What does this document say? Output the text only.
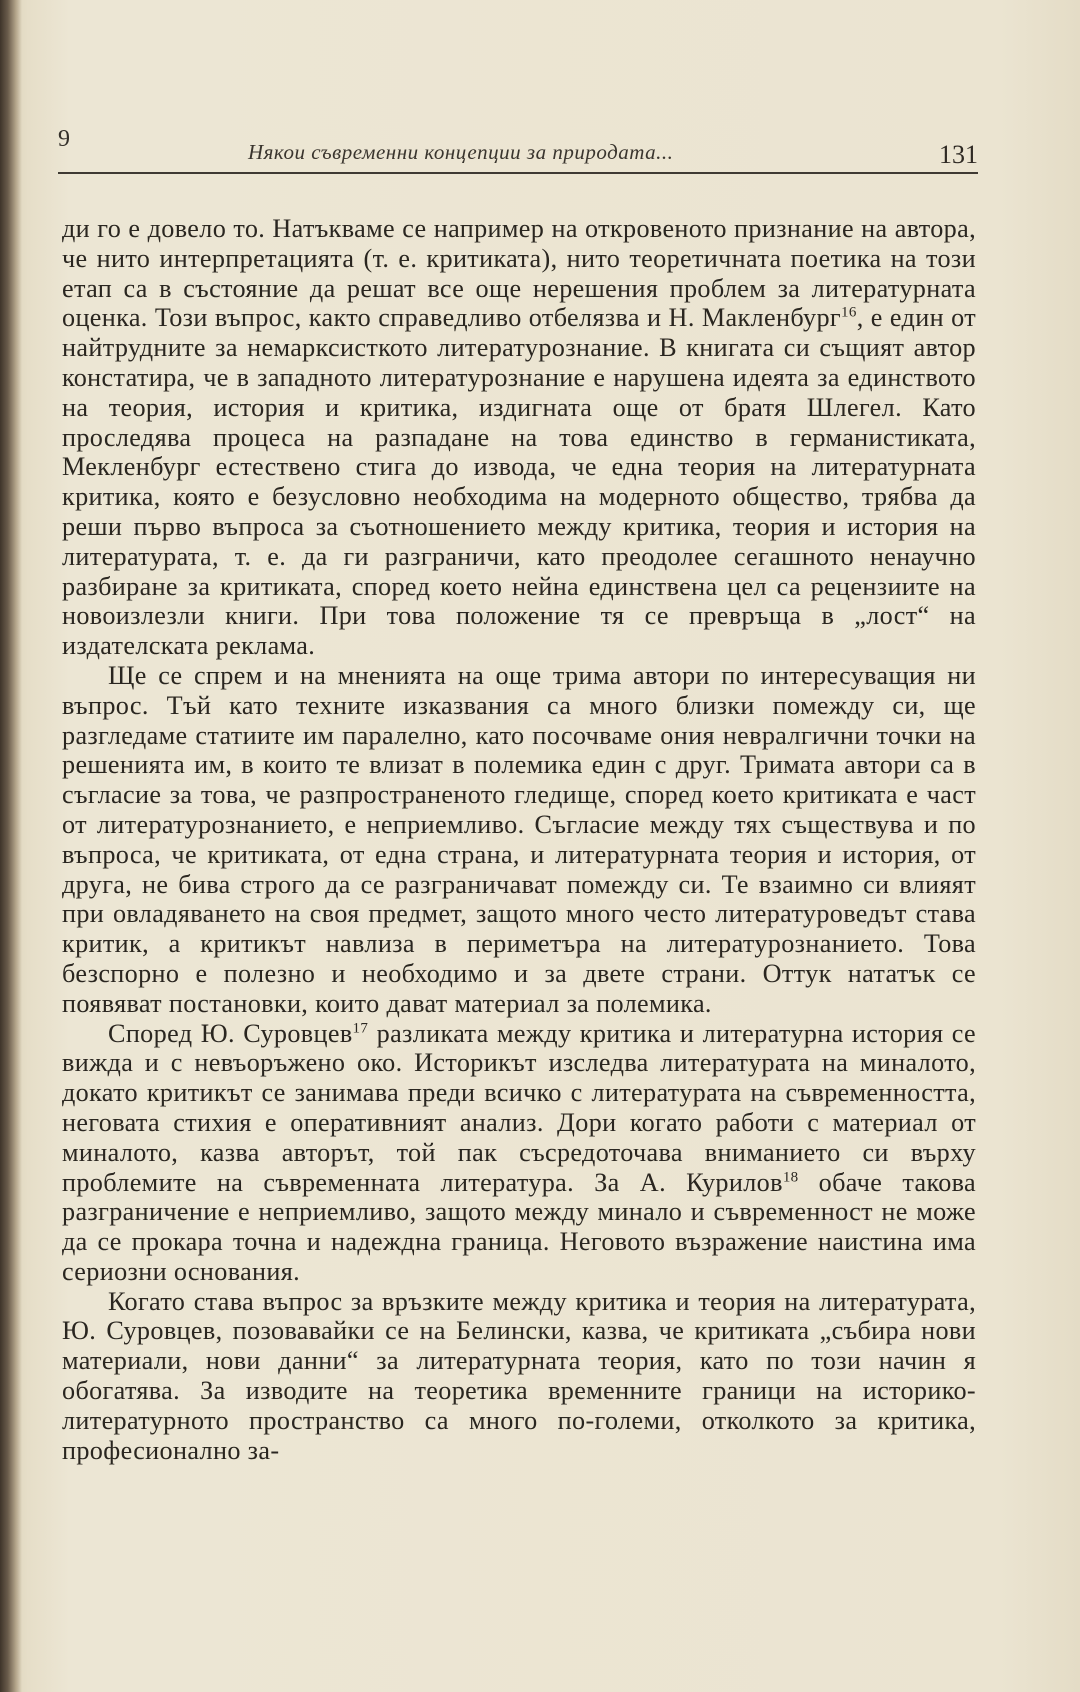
9	Някои съвременни концепции за природата...	131

ди го е довело то. Натъкваме се например на откровеното признание на автора, че нито интерпретацията (т. е. критиката), нито теоретичната поетика на този етап са в състояние да решат все още нерешения проблем за литературната оценка. Този въпрос, както справедливо отбелязва и Н. Макленбург$^{16}$, е един от найтрудните за немарксисткото литературознание. В книгата си същият автор констатира, че в западното литературознание е нарушена идеята за единството на теория, история и критика, издигната още от братя Шлегел. Като проследява процеса на разпадане на това единство в германистиката, Мекленбург естествено стига до извода, че една теория на литературната критика, която е безусловно необходима на модерното общество, трябва да реши първо въпроса за съотношението между критика, теория и история на литературата, т. е. да ги разграничи, като преодолее сегашното ненаучно разбиране за критиката, според което нейна единствена цел са рецензиите на новоизлезли книги. При това положение тя се превръща в „лост“ на издателската реклама.

Ще се спрем и на мненията на още трима автори по интересуващия ни въпрос. Тъй като техните изказвания са много близки помежду си, ще разгледаме статиите им паралелно, като посочваме ония невралгични точки на решенията им, в които те влизат в полемика един с друг. Тримата автори са в съгласие за това, че разпространеното гледище, според което критиката е част от литературознанието, е неприемливо. Съгласие между тях съществува и по въпроса, че критиката, от една страна, и литературната теория и история, от друга, не бива строго да се разграничават помежду си. Те взаимно си влияят при овладяването на своя предмет, защото много често литературоведът става критик, а критикът навлиза в периметъра на литературознанието. Това безспорно е полезно и необходимо и за двете страни. Оттук нататък се появяват постановки, които дават материал за полемика.

Според Ю. Суровцев$^{17}$ разликата между критика и литературна история се вижда и с невъоръжено око. Историкът изследва литературата на миналото, докато критикът се занимава преди всичко с литературата на съвременността, неговата стихия е оперативният анализ. Дори когато работи с материал от миналото, казва авторът, той пак съсредоточава вниманието си върху проблемите на съвременната литература. За А. Курилов$^{18}$ обаче такова разграничение е неприемливо, защото между минало и съвременност не може да се прокара точна и надеждна граница. Неговото възражение наистина има сериозни основания.

Когато става въпрос за връзките между критика и теория на литературата, Ю. Суровцев, позовавайки се на Белински, казва, че критиката „събира нови материали, нови данни“ за литературната теория, като по този начин я обогатява. За изводите на теоретика временните граници на историко-литературното пространство са много по-големи, отколкото за критика, професионално за-
